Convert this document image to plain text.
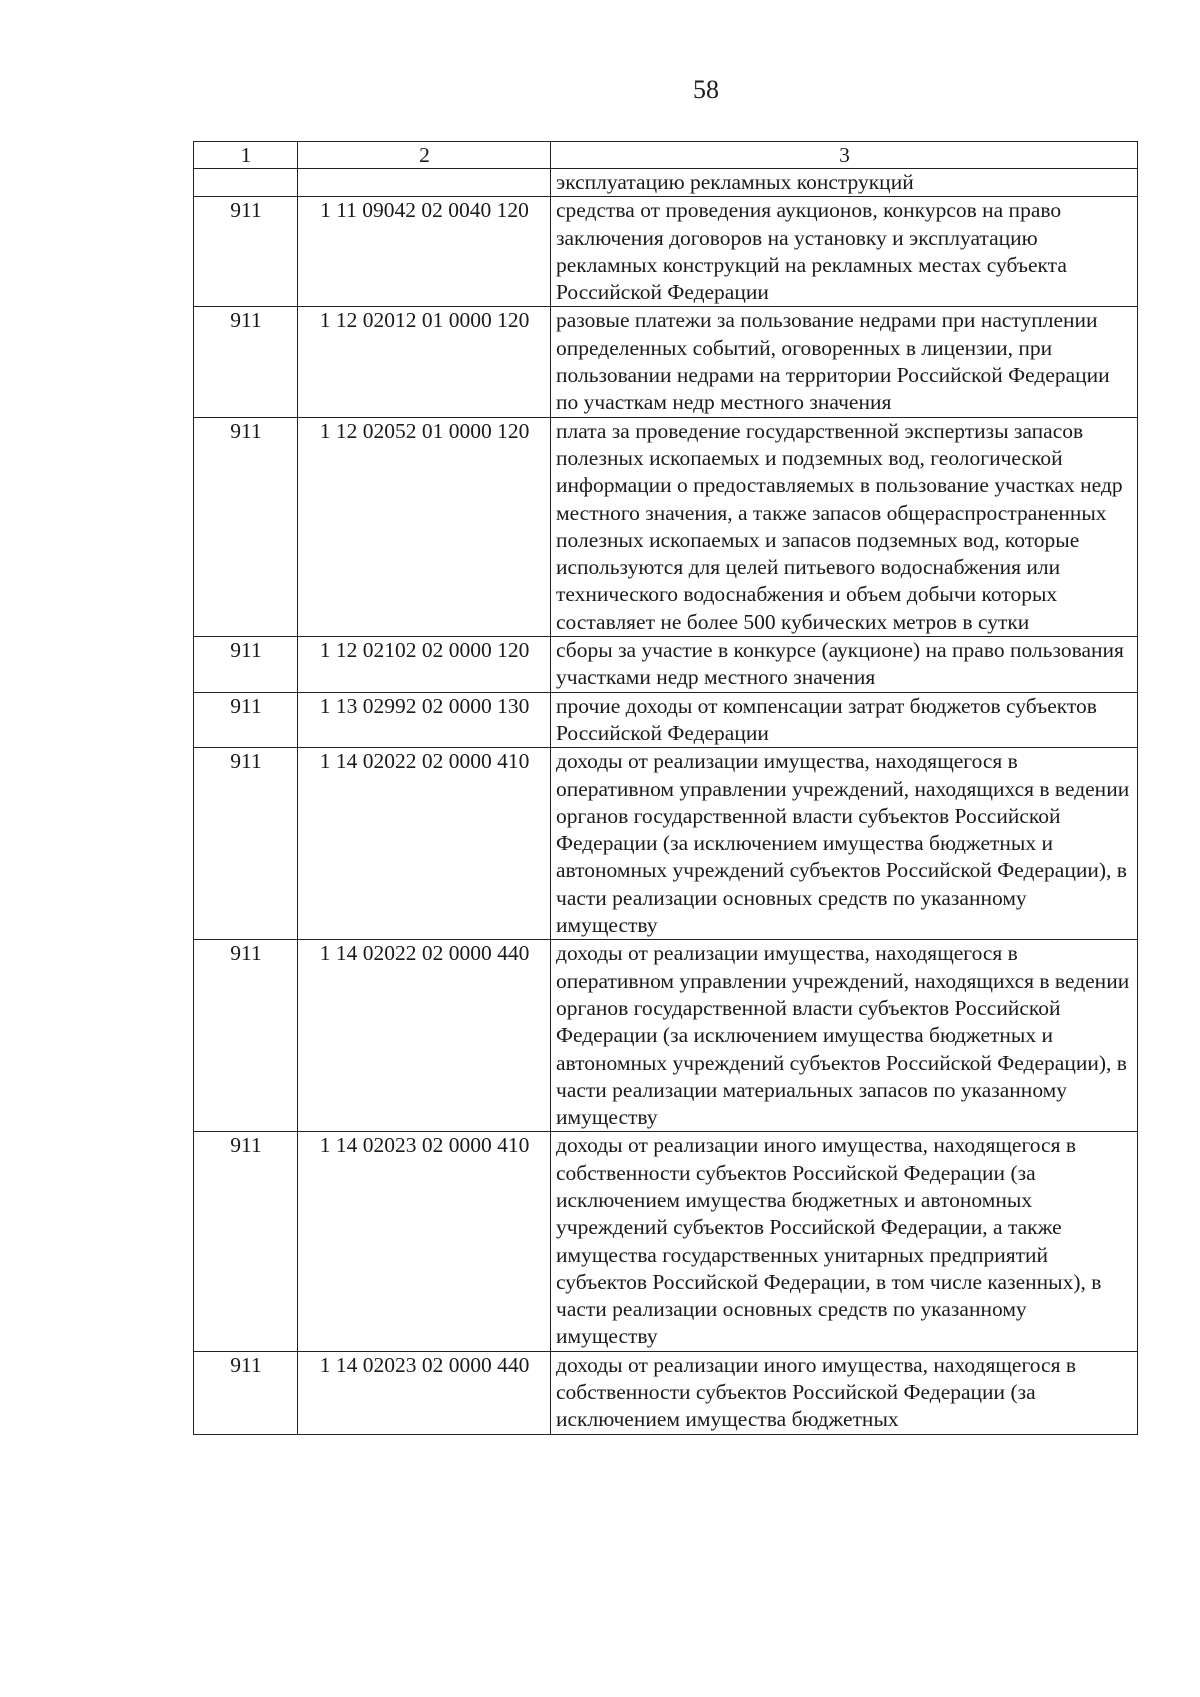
58
1	2	3
		эксплуатацию рекламных конструкций
911	1 11 09042 02 0040 120	средства от проведения аукционов, конкурсов на право заключения договоров на установку и эксплуатацию рекламных конструкций на рекламных местах субъекта Российской Федерации
911	1 12 02012 01 0000 120	разовые платежи за пользование недрами при наступлении определенных событий, оговоренных в лицензии, при пользовании недрами на территории Российской Федерации по участкам недр местного значения
911	1 12 02052 01 0000 120	плата за проведение государственной экспертизы запасов полезных ископаемых и подземных вод, геологической информации о предоставляемых в пользование участках недр местного значения, а также запасов общераспространенных полезных ископаемых и запасов подземных вод, которые используются для целей питьевого водоснабжения или технического водоснабжения и объем добычи которых составляет не более 500 кубических метров в сутки
911	1 12 02102 02 0000 120	сборы за участие в конкурсе (аукционе) на право пользования участками недр местного значения
911	1 13 02992 02 0000 130	прочие доходы от компенсации затрат бюджетов субъектов Российской Федерации
911	1 14 02022 02 0000 410	доходы от реализации имущества, находящегося в оперативном управлении учреждений, находящихся в ведении органов государственной власти субъектов Российской Федерации (за исключением имущества бюджетных и автономных учреждений субъектов Российской Федерации), в части реализации основных средств по указанному имуществу
911	1 14 02022 02 0000 440	доходы от реализации имущества, находящегося в оперативном управлении учреждений, находящихся в ведении органов государственной власти субъектов Российской Федерации (за исключением имущества бюджетных и автономных учреждений субъектов Российской Федерации), в части реализации материальных запасов по указанному имуществу
911	1 14 02023 02 0000 410	доходы от реализации иного имущества, находящегося в собственности субъектов Российской Федерации (за исключением имущества бюджетных и автономных учреждений субъектов Российской Федерации, а также имущества государственных унитарных предприятий субъектов Российской Федерации, в том числе казенных), в части реализации основных средств по указанному имуществу
911	1 14 02023 02 0000 440	доходы от реализации иного имущества, находящегося в собственности субъектов Российской Федерации (за исключением имущества бюджетных
